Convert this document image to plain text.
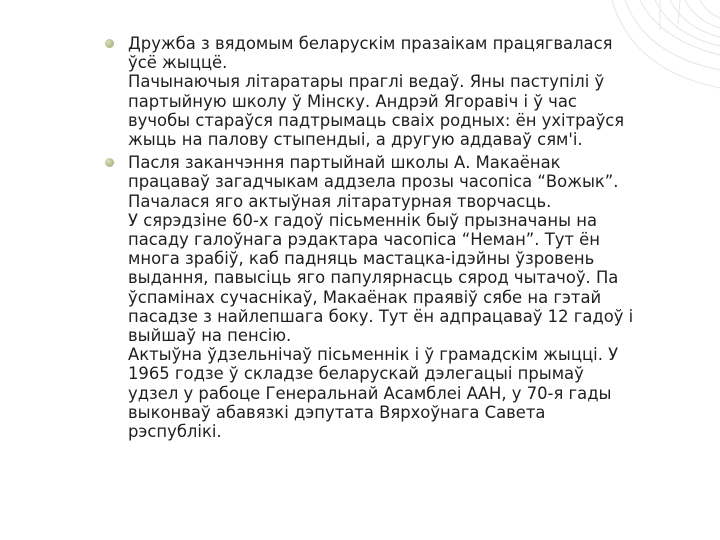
Дружба з вядомым беларускім празаікам працягвалася
ўсё жыццё.
Пачынаючыя літаратары праглі ведаў. Яны паступілі ў
партыйную школу ў Мінску. Андрэй Ягоравіч і ў час
вучобы стараўся падтрымаць сваіх родных: ён ухітраўся
жыць на палову стыпендыі, а другую аддаваў сям'і.
Пасля заканчэння партыйнай школы А. Макаёнак
працаваў загадчыкам аддзела прозы часопіса “Вожык”.
Пачалася яго актыўная літаратурная творчасць.
У сярэдзіне 60-х гадоў пісьменнік быў прызначаны на
пасаду галоўнага рэдактара часопіса “Неман”. Тут ён
многа зрабіў, каб падняць мастацка-ідэйны ўзровень
выдання, павысіць яго папулярнасць сярод чытачоў. Па
ўспамінах сучаснікаў, Макаёнак праявіў сябе на гэтай
пасадзе з найлепшага боку. Тут ён адпрацаваў 12 гадоў і
выйшаў на пенсію.
Актыўна ўдзельнічаў пісьменнік і ў грамадскім жыцці. У
1965 годзе ў складзе беларускай дэлегацыі прымаў
удзел у рабоце Генеральнай Асамблеі ААН, у 70-я гады
выконваў абавязкі дэпутата Вярхоўнага Савета
рэспублікі.
